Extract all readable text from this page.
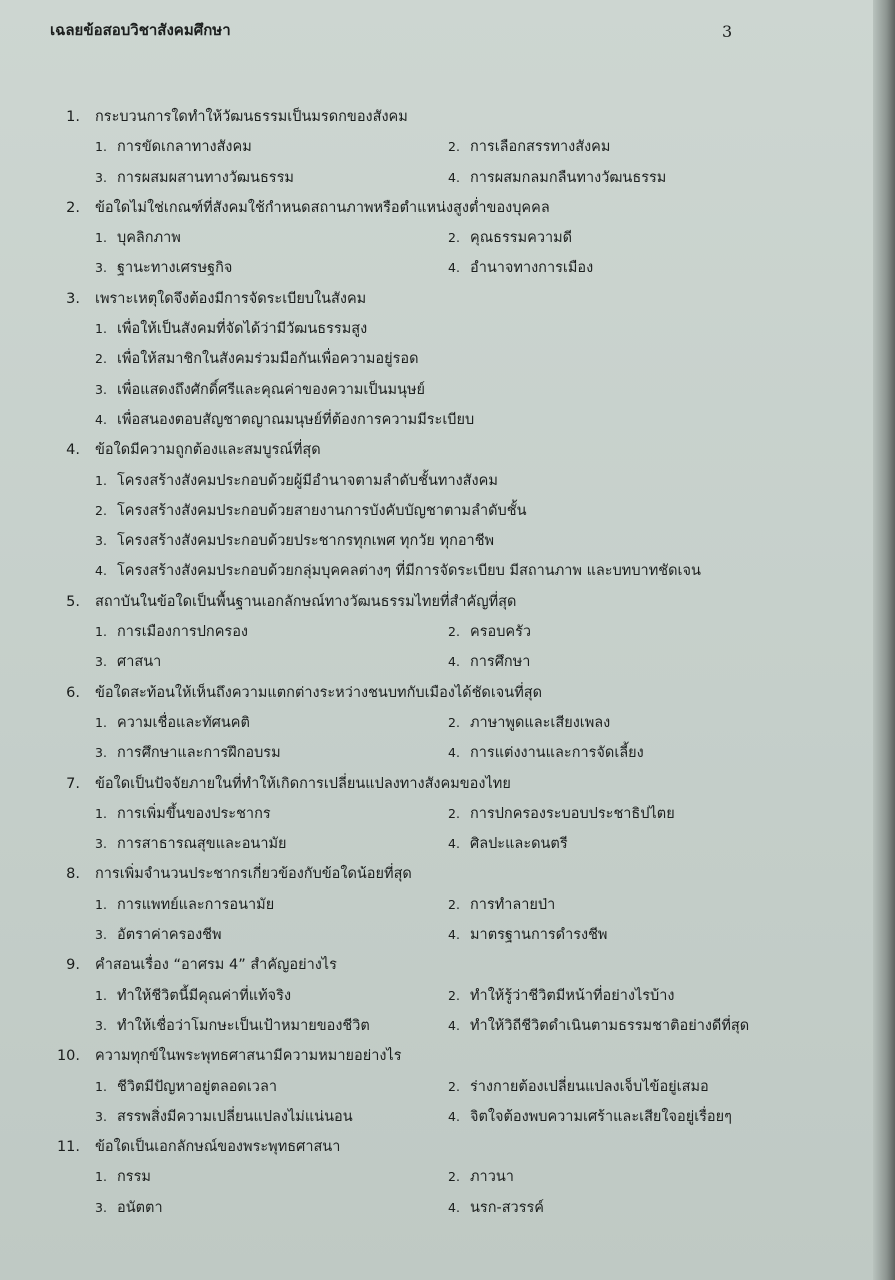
เฉลยข้อสอบวิชาสังคมศึกษา	3
1. กระบวนการใดทำให้วัฒนธรรมเป็นมรดกของสังคม
1. การขัดเกลาทางสังคม	2. การเลือกสรรทางสังคม
3. การผสมผสานทางวัฒนธรรม	4. การผสมกลมกลืนทางวัฒนธรรม
2. ข้อใดไม่ใช่เกณฑ์ที่สังคมใช้กำหนดสถานภาพหรือตำแหน่งสูงต่ำของบุคคล
1. บุคลิกภาพ	2. คุณธรรมความดี
3. ฐานะทางเศรษฐกิจ	4. อำนาจทางการเมือง
3. เพราะเหตุใดจึงต้องมีการจัดระเบียบในสังคม
1. เพื่อให้เป็นสังคมที่จัดได้ว่ามีวัฒนธรรมสูง
2. เพื่อให้สมาชิกในสังคมร่วมมือกันเพื่อความอยู่รอด
3. เพื่อแสดงถึงศักดิ์ศรีและคุณค่าของความเป็นมนุษย์
4. เพื่อสนองตอบสัญชาตญาณมนุษย์ที่ต้องการความมีระเบียบ
4. ข้อใดมีความถูกต้องและสมบูรณ์ที่สุด
1. โครงสร้างสังคมประกอบด้วยผู้มีอำนาจตามลำดับชั้นทางสังคม
2. โครงสร้างสังคมประกอบด้วยสายงานการบังคับบัญชาตามลำดับชั้น
3. โครงสร้างสังคมประกอบด้วยประชากรทุกเพศ ทุกวัย ทุกอาชีพ
4. โครงสร้างสังคมประกอบด้วยกลุ่มบุคคลต่างๆ ที่มีการจัดระเบียบ มีสถานภาพ และบทบาทชัดเจน
5. สถาบันในข้อใดเป็นพื้นฐานเอกลักษณ์ทางวัฒนธรรมไทยที่สำคัญที่สุด
1. การเมืองการปกครอง	2. ครอบครัว
3. ศาสนา	4. การศึกษา
6. ข้อใดสะท้อนให้เห็นถึงความแตกต่างระหว่างชนบทกับเมืองได้ชัดเจนที่สุด
1. ความเชื่อและทัศนคติ	2. ภาษาพูดและเสียงเพลง
3. การศึกษาและการฝึกอบรม	4. การแต่งงานและการจัดเลี้ยง
7. ข้อใดเป็นปัจจัยภายในที่ทำให้เกิดการเปลี่ยนแปลงทางสังคมของไทย
1. การเพิ่มขึ้นของประชากร	2. การปกครองระบอบประชาธิปไตย
3. การสาธารณสุขและอนามัย	4. ศิลปะและดนตรี
8. การเพิ่มจำนวนประชากรเกี่ยวข้องกับข้อใดน้อยที่สุด
1. การแพทย์และการอนามัย	2. การทำลายป่า
3. อัตราค่าครองชีพ	4. มาตรฐานการดำรงชีพ
9. คำสอนเรื่อง “อาศรม 4” สำคัญอย่างไร
1. ทำให้ชีวิตนี้มีคุณค่าที่แท้จริง	2. ทำให้รู้ว่าชีวิตมีหน้าที่อย่างไรบ้าง
3. ทำให้เชื่อว่าโมกษะเป็นเป้าหมายของชีวิต	4. ทำให้วิถีชีวิตดำเนินตามธรรมชาติอย่างดีที่สุด
10. ความทุกข์ในพระพุทธศาสนามีความหมายอย่างไร
1. ชีวิตมีปัญหาอยู่ตลอดเวลา	2. ร่างกายต้องเปลี่ยนแปลงเจ็บไข้อยู่เสมอ
3. สรรพสิ่งมีความเปลี่ยนแปลงไม่แน่นอน	4. จิตใจต้องพบความเศร้าและเสียใจอยู่เรื่อยๆ
11. ข้อใดเป็นเอกลักษณ์ของพระพุทธศาสนา
1. กรรม	2. ภาวนา
3. อนัตตา	4. นรก-สวรรค์
